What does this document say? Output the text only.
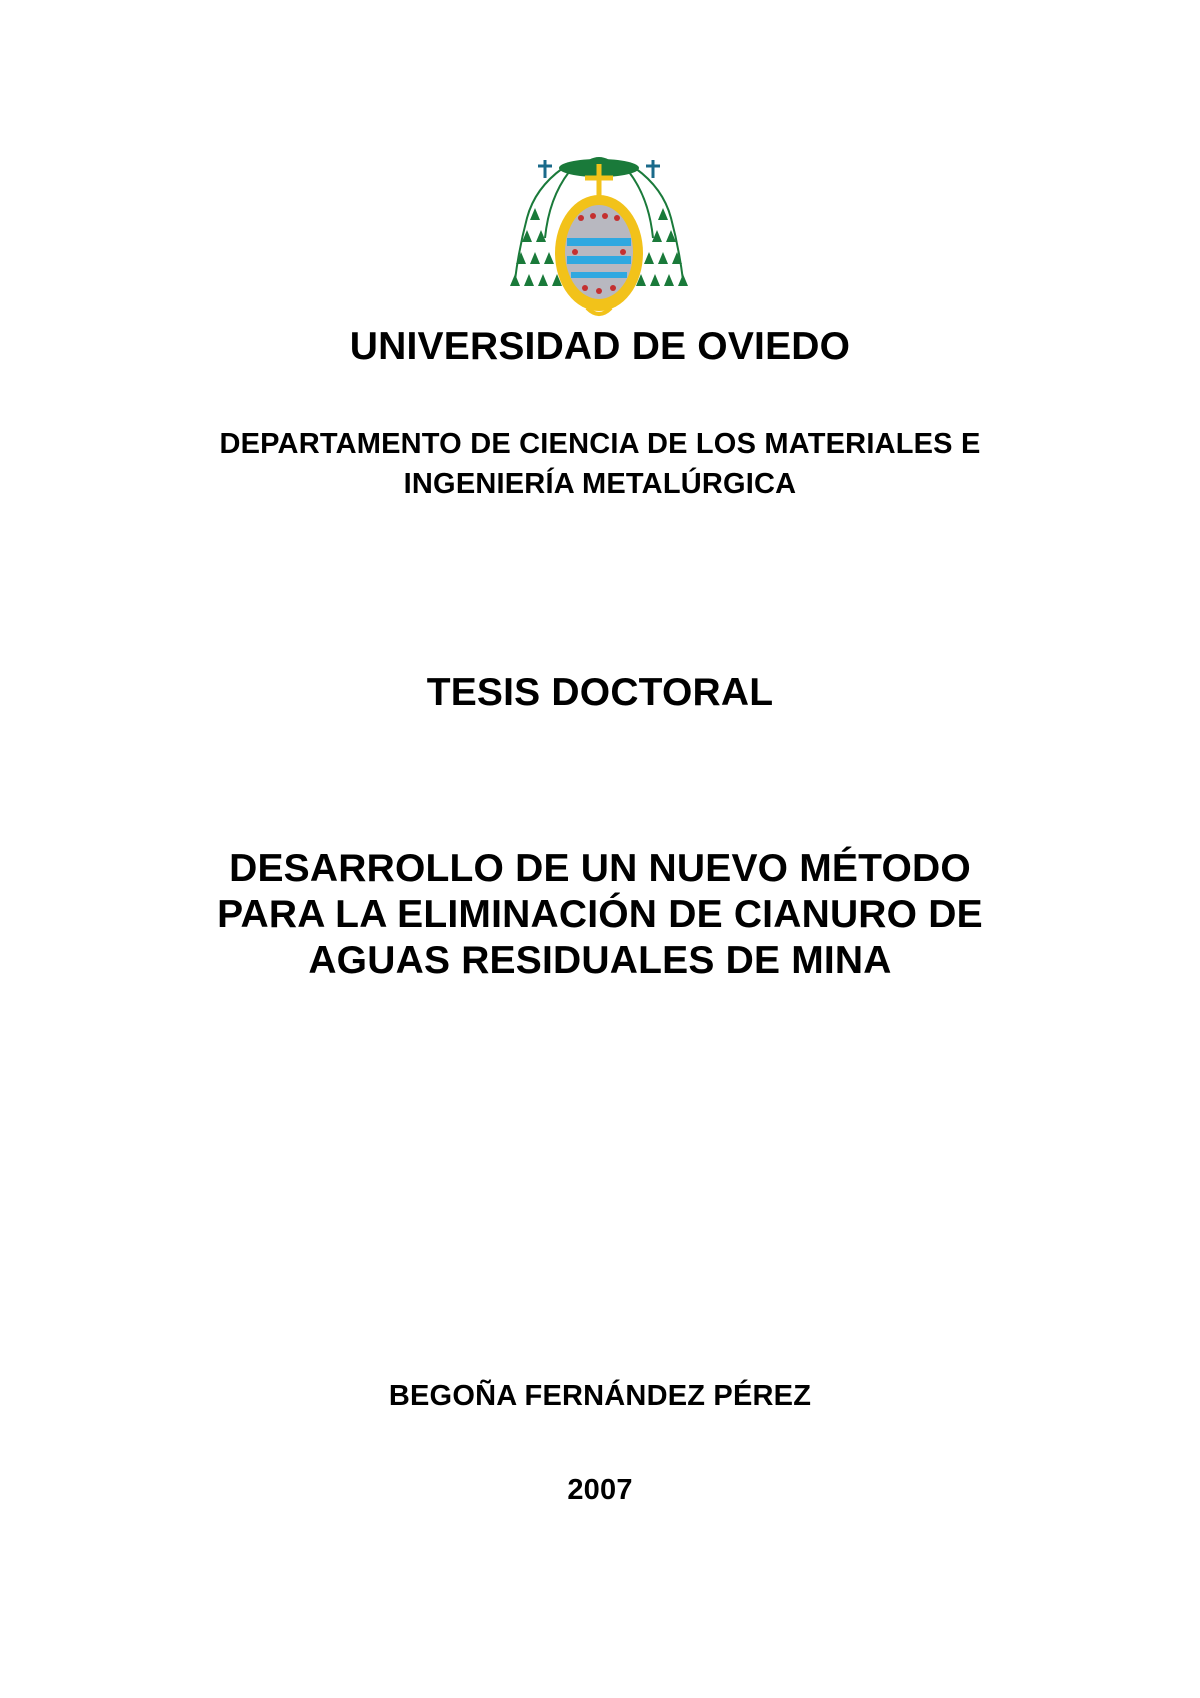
UNIVERSIDAD DE OVIEDO
DEPARTAMENTO DE CIENCIA DE LOS MATERIALES E
INGENIERÍA METALÚRGICA
TESIS DOCTORAL
DESARROLLO DE UN NUEVO MÉTODO
PARA LA ELIMINACIÓN DE CIANURO DE
AGUAS RESIDUALES DE MINA
BEGOÑA FERNÁNDEZ PÉREZ
2007
